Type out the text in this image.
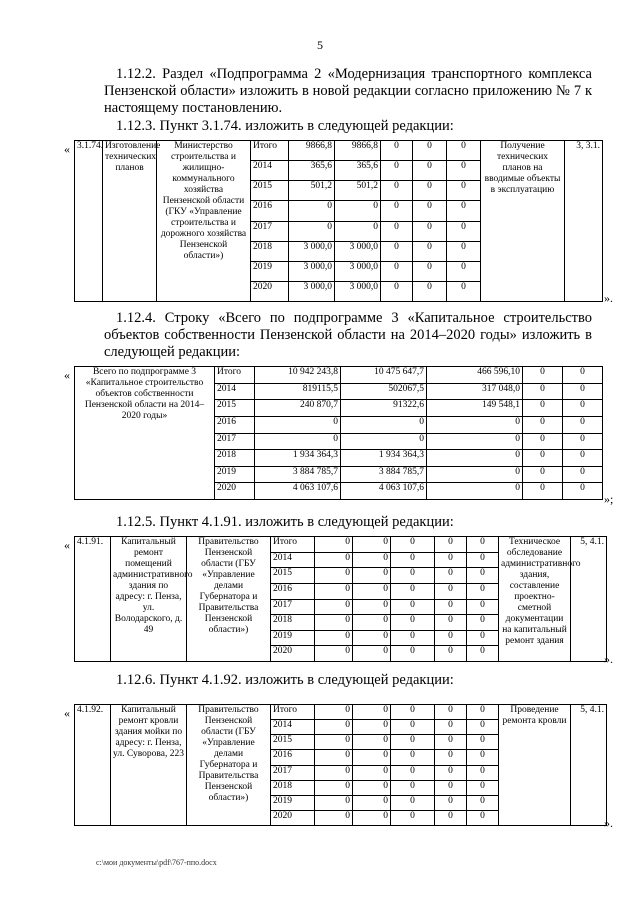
5

1.12.2. Раздел «Подпрограмма 2 «Модернизация транспортного комплекса Пензенской области» изложить в новой редакции согласно приложению № 7 к настоящему постановлению.

1.12.3. Пункт 3.1.74. изложить в следующей редакции:

« 3.1.74.	Изготовление технических планов	Министерство строительства и жилищно-коммунального хозяйства Пензенской области (ГКУ «Управление строительства и дорожного хозяйства Пензенской области»)	Итого	9866,8	9866,8	0	0	0	Получение технических планов на вводимые объекты в эксплуатацию	3, 3.1.
			2014	365,6	365,6	0	0	0		
			2015	501,2	501,2	0	0	0		
			2016	0	0	0	0	0		
			2017	0	0	0	0	0		
			2018	3 000,0	3 000,0	0	0	0		
			2019	3 000,0	3 000,0	0	0	0		
			2020	3 000,0	3 000,0	0	0	0		
».

1.12.4. Строку «Всего по подпрограмме 3 «Капитальное строительство объектов собственности Пензенской области на 2014–2020 годы» изложить в следующей редакции:

« Всего по подпрограмме 3 «Капитальное строительство объектов собственности Пензенской области на 2014–2020 годы»	Итого	10 942 243,8	10 475 647,7	466 596,10	0	0
	2014	819115,5	502067,5	317 048,0	0	0
	2015	240 870,7	91322,6	149 548,1	0	0
	2016	0	0	0	0	0
	2017	0	0	0	0	0
	2018	1 934 364,3	1 934 364,3	0	0	0
	2019	3 884 785,7	3 884 785,7	0	0	0
	2020	4 063 107,6	4 063 107,6	0	0	0
»;

1.12.5. Пункт 4.1.91. изложить в следующей редакции:

« 4.1.91.	Капитальный ремонт помещений административного здания по адресу: г. Пенза, ул. Володарского, д. 49	Правительство Пензенской области (ГБУ «Управление делами Губернатора и Правительства Пензенской области»)	Итого	0	0	0	0	0	Техническое обследование административного здания, составление проектно-сметной документации на капитальный ремонт здания	5, 4.1.
			2014	0	0	0	0	0		
			2015	0	0	0	0	0		
			2016	0	0	0	0	0		
			2017	0	0	0	0	0		
			2018	0	0	0	0	0		
			2019	0	0	0	0	0		
			2020	0	0	0	0	0		
».

1.12.6. Пункт 4.1.92. изложить в следующей редакции:

« 4.1.92.	Капитальный ремонт кровли здания мойки по адресу: г. Пенза, ул. Суворова, 223	Правительство Пензенской области (ГБУ «Управление делами Губернатора и Правительства Пензенской области»)	Итого	0	0	0	0	0	Проведение ремонта кровли	5, 4.1.
			2014	0	0	0	0	0		
			2015	0	0	0	0	0		
			2016	0	0	0	0	0		
			2017	0	0	0	0	0		
			2018	0	0	0	0	0		
			2019	0	0	0	0	0		
			2020	0	0	0	0	0		
».
c:\мои документы\pdf\767-ппо.docx
